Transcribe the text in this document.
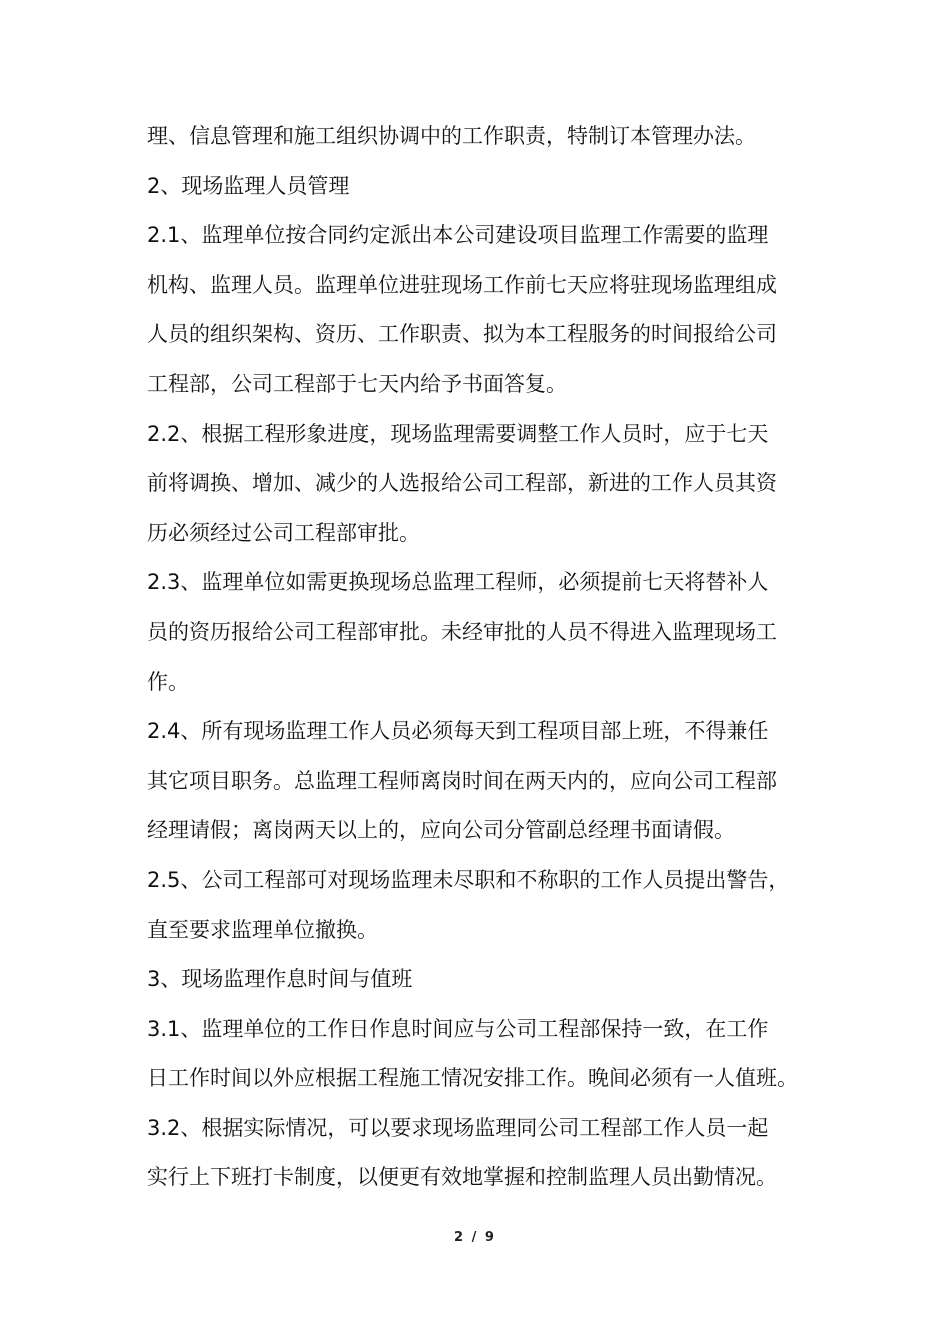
理、信息管理和施工组织协调中的工作职责，特制订本管理办法。
2、现场监理人员管理
2.1、监理单位按合同约定派出本公司建设项目监理工作需要的监理
机构、监理人员。监理单位进驻现场工作前七天应将驻现场监理组成
人员的组织架构、资历、工作职责、拟为本工程服务的时间报给公司
工程部，公司工程部于七天内给予书面答复。
2.2、根据工程形象进度，现场监理需要调整工作人员时，应于七天
前将调换、增加、减少的人选报给公司工程部，新进的工作人员其资
历必须经过公司工程部审批。
2.3、监理单位如需更换现场总监理工程师，必须提前七天将替补人
员的资历报给公司工程部审批。未经审批的人员不得进入监理现场工
作。
2.4、所有现场监理工作人员必须每天到工程项目部上班，不得兼任
其它项目职务。总监理工程师离岗时间在两天内的，应向公司工程部
经理请假；离岗两天以上的，应向公司分管副总经理书面请假。
2.5、公司工程部可对现场监理未尽职和不称职的工作人员提出警告，
直至要求监理单位撤换。
3、现场监理作息时间与值班
3.1、监理单位的工作日作息时间应与公司工程部保持一致，在工作
日工作时间以外应根据工程施工情况安排工作。晚间必须有一人值班。
3.2、根据实际情况，可以要求现场监理同公司工程部工作人员一起
实行上下班打卡制度，以便更有效地掌握和控制监理人员出勤情况。
2 / 9
